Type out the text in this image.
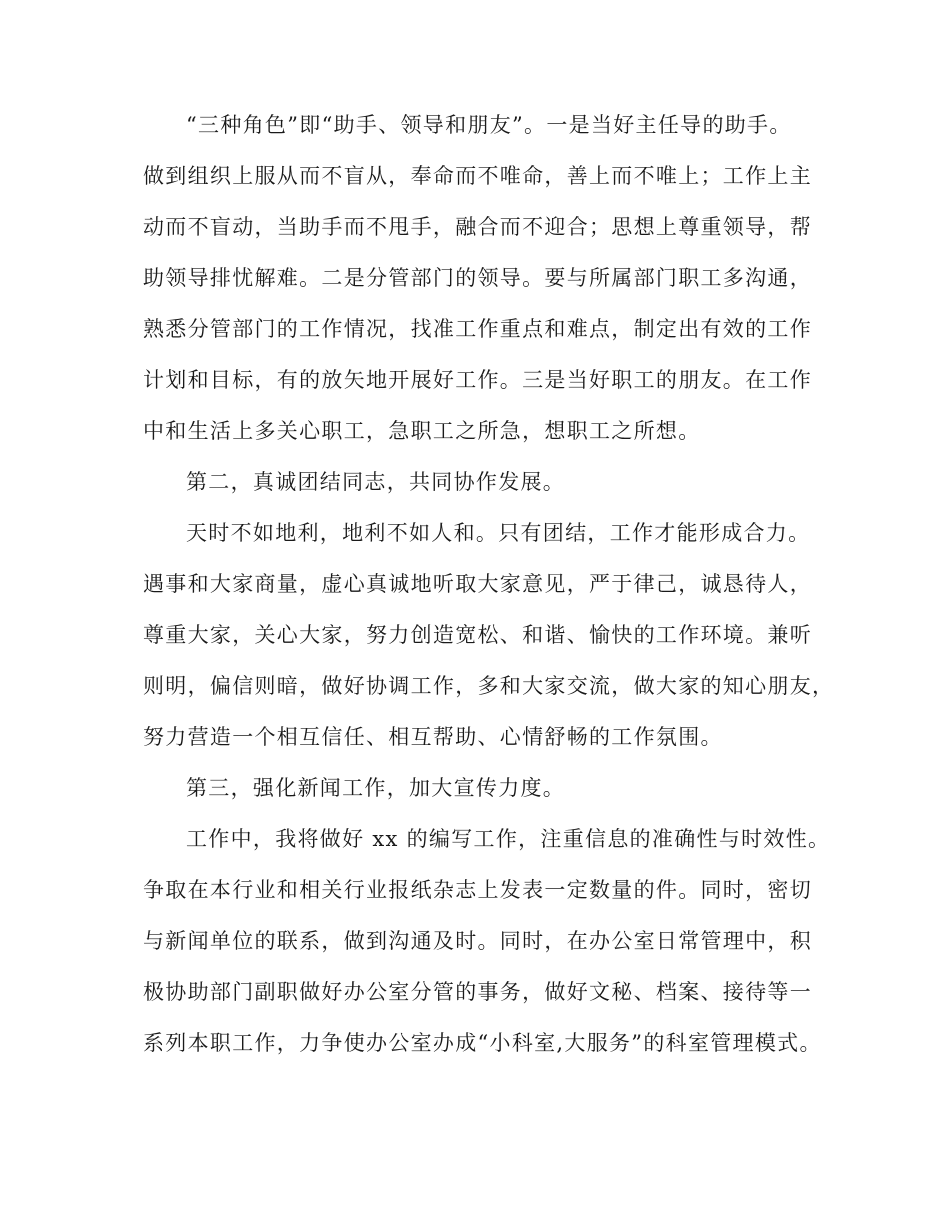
“三种角色”即“助手、领导和朋友”。一是当好主任导的助手。
做到组织上服从而不盲从，奉命而不唯命，善上而不唯上；工作上主
动而不盲动，当助手而不甩手，融合而不迎合；思想上尊重领导，帮
助领导排忧解难。二是分管部门的领导。要与所属部门职工多沟通，
熟悉分管部门的工作情况，找准工作重点和难点，制定出有效的工作
计划和目标，有的放矢地开展好工作。三是当好职工的朋友。在工作
中和生活上多关心职工，急职工之所急，想职工之所想。
第二，真诚团结同志，共同协作发展。
天时不如地利，地利不如人和。只有团结，工作才能形成合力。
遇事和大家商量，虚心真诚地听取大家意见，严于律己，诚恳待人，
尊重大家，关心大家，努力创造宽松、和谐、愉快的工作环境。兼听
则明，偏信则暗，做好协调工作，多和大家交流，做大家的知心朋友，
努力营造一个相互信任、相互帮助、心情舒畅的工作氛围。
第三，强化新闻工作，加大宣传力度。
工作中，我将做好 xx 的编写工作，注重信息的准确性与时效性。
争取在本行业和相关行业报纸杂志上发表一定数量的件。同时，密切
与新闻单位的联系，做到沟通及时。同时，在办公室日常管理中，积
极协助部门副职做好办公室分管的事务，做好文秘、档案、接待等一
系列本职工作，力争使办公室办成“小科室,大服务”的科室管理模式。
